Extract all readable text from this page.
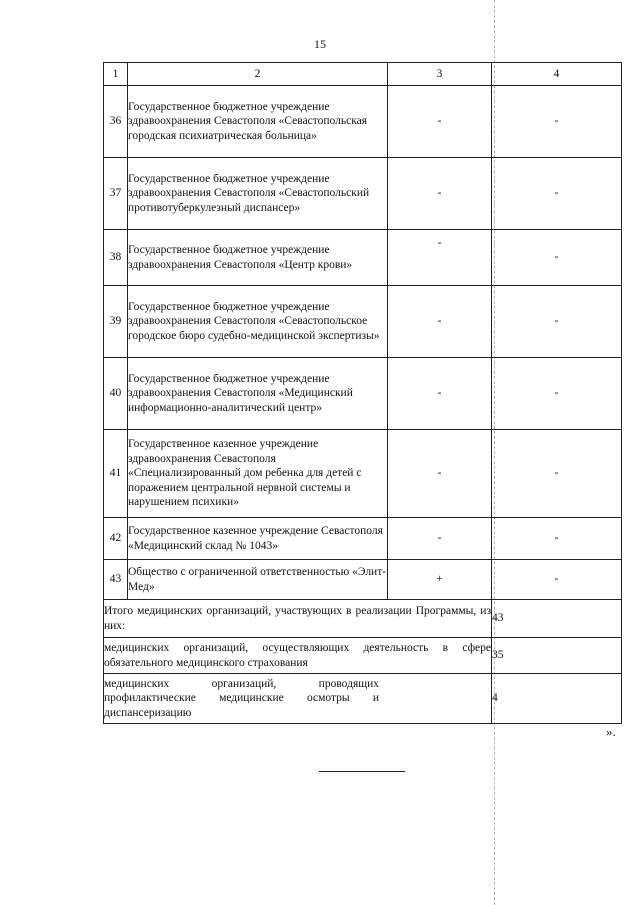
15
1	2	3	4
36	Государственное бюджетное учреждение здравоохранения Севастополя «Севастопольская городская психиатрическая больница»	-	-
37	Государственное бюджетное учреждение здравоохранения Севастополя «Севастопольский противотуберкулезный диспансер»	-	-
38	Государственное бюджетное учреждение здравоохранения Севастополя «Центр крови»	-	-
39	Государственное бюджетное учреждение здравоохранения Севастополя «Севастопольское городское бюро судебно-медицинской экспертизы»	-	-
40	Государственное бюджетное учреждение здравоохранения Севастополя «Медицинский информационно-аналитический центр»	-	-
41	Государственное казенное учреждение здравоохранения Севастополя «Специализированный дом ребенка для детей с поражением центральной нервной системы и нарушением психики»	-	-
42	Государственное казенное учреждение Севастополя «Медицинский склад № 1043»	-	-
43	Общество с ограниченной ответственностью «Элит-Мед»	+	-
Итого медицинских организаций, участвующих в реализации Программы, из них:			43
медицинских организаций, осуществляющих деятельность в сфере обязательного медицинского страхования			35
медицинских организаций, проводящих профилактические медицинские осмотры и диспансеризацию			4
».
